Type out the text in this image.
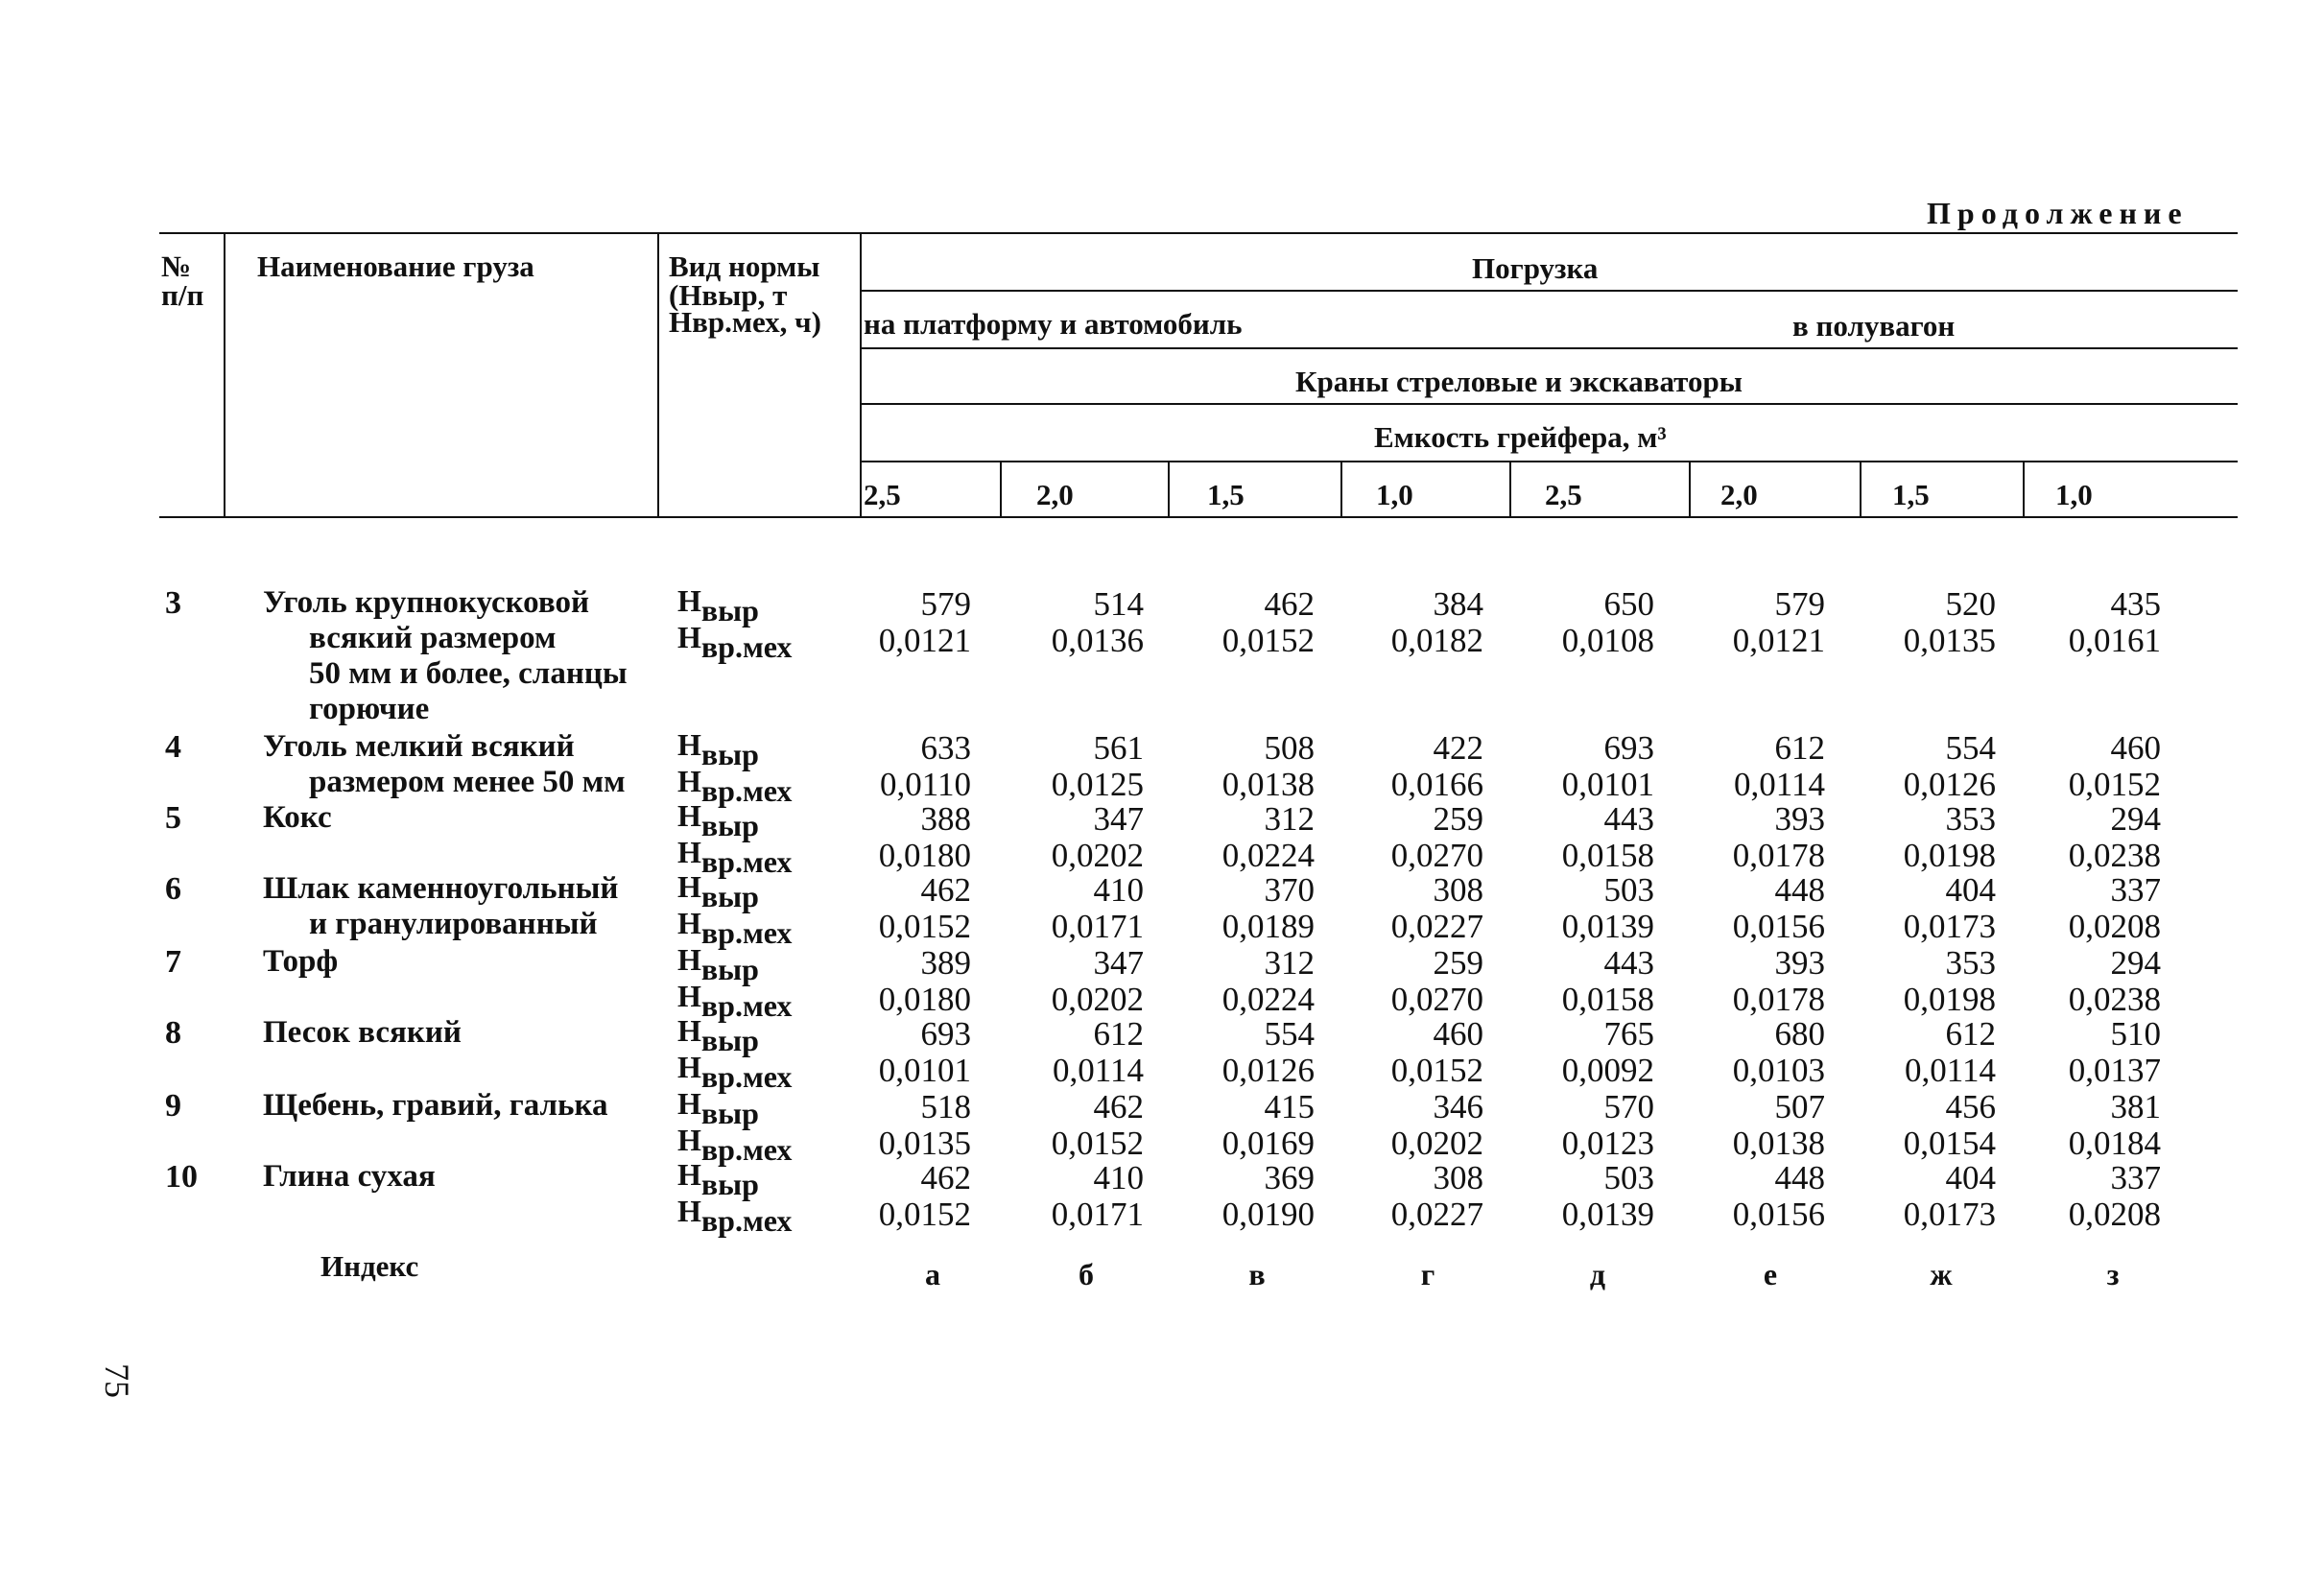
Продолжение
№
п/п
Наименование груза	Вид нормы
(Нвыр, т
Нвр.мех, ч)
Погрузка
на платформу и автомобиль	в полувагон
Краны стреловые и экскаваторы
Емкость грейфера, м³
2,5	2,0	1,5	1,0	2,5	2,0	1,5	1,0
3	Уголь крупнокусковой
всякий размером
50 мм и более, сланцы
горючие
$Н_{выр}$
$Н_{вр.мех}$
579	514	462	384	650	579	520	435
0,0121	0,0136	0,0152	0,0182	0,0108	0,0121	0,0135	0,0161
4	Уголь мелкий всякий
размером менее 50 мм
$Н_{выр}$
$Н_{вр.мех}$
633	561	508	422	693	612	554	460
0,0110	0,0125	0,0138	0,0166	0,0101	0,0114	0,0126	0,0152
5	Кокс	$Н_{выр}$
$Н_{вр.мех}$
388	347	312	259	443	393	353	294
0,0180	0,0202	0,0224	0,0270	0,0158	0,0178	0,0198	0,0238
6	Шлак каменноугольный
и гранулированный
$Н_{выр}$
$Н_{вр.мех}$
462	410	370	308	503	448	404	337
0,0152	0,0171	0,0189	0,0227	0,0139	0,0156	0,0173	0,0208
7	Торф	$Н_{выр}$
$Н_{вр.мех}$
389	347	312	259	443	393	353	294
0,0180	0,0202	0,0224	0,0270	0,0158	0,0178	0,0198	0,0238
8	Песок всякий	$Н_{выр}$
$Н_{вр.мех}$
693	612	554	460	765	680	612	510
0,0101	0,0114	0,0126	0,0152	0,0092	0,0103	0,0114	0,0137
9	Щебень, гравий, галька $Н_{выр}$
$Н_{вр.мех}$
518	462	415	346	570	507	456	381
0,0135	0,0152	0,0169	0,0202	0,0123	0,0138	0,0154	0,0184
10 Глина сухая	$Н_{выр}$
$Н_{вр.мех}$
462	410	369	308	503	448	404	337
0,0152	0,0171	0,0190	0,0227	0,0139	0,0156	0,0173	0,0208
Индекс	а	б	в	г	д	е	ж	з
75
